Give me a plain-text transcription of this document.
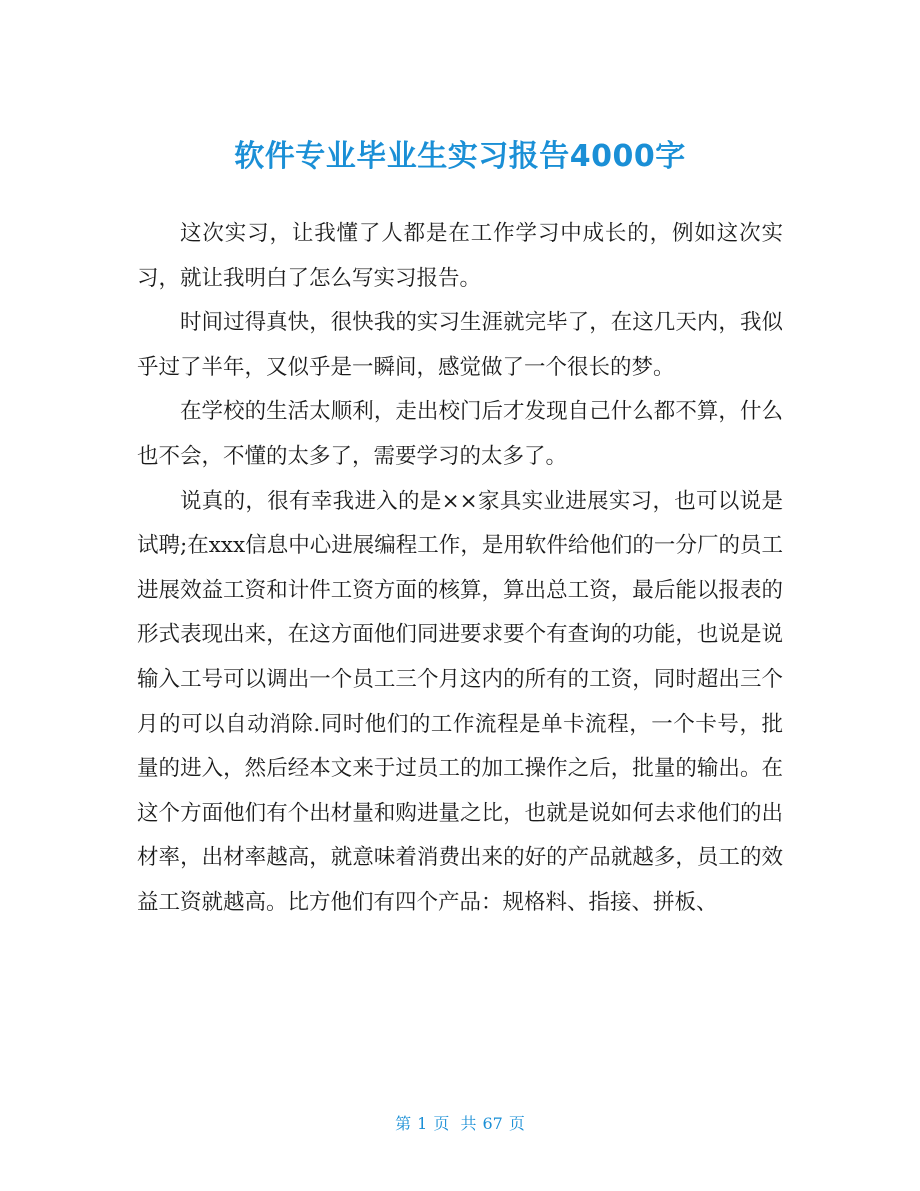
软件专业毕业生实习报告4000字

这次实习，让我懂了人都是在工作学习中成长的，例如这次实习，就让我明白了怎么写实习报告。

时间过得真快，很快我的实习生涯就完毕了，在这几天内，我似乎过了半年，又似乎是一瞬间，感觉做了一个很长的梦。

在学校的生活太顺利，走出校门后才发现自己什么都不算，什么也不会，不懂的太多了，需要学习的太多了。

说真的，很有幸我进入的是××家具实业进展实习，也可以说是试聘;在xxx信息中心进展编程工作，是用软件给他们的一分厂的员工进展效益工资和计件工资方面的核算，算出总工资，最后能以报表的形式表现出来，在这方面他们同进要求要个有查询的功能，也说是说输入工号可以调出一个员工三个月这内的所有的工资，同时超出三个月的可以自动消除.同时他们的工作流程是单卡流程，一个卡号，批量的进入，然后经本文来于过员工的加工操作之后，批量的输出。在这个方面他们有个出材量和购进量之比，也就是说如何去求他们的出材率，出材率越高，就意味着消费出来的好的产品就越多，员工的效益工资就越高。比方他们有四个产品：规格料、指接、拼板、

第 1 页 共 67 页
